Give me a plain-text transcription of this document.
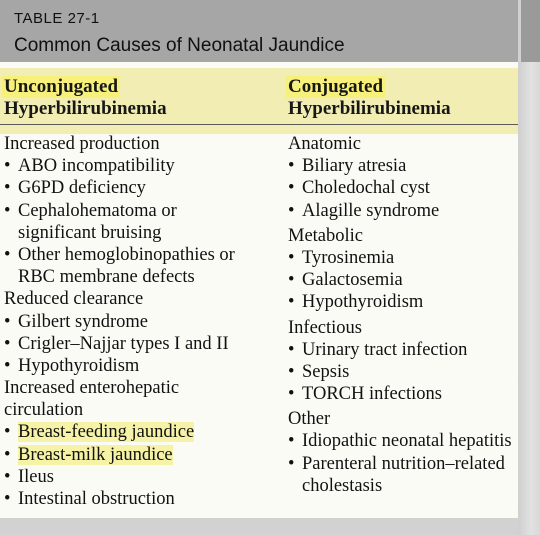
TABLE 27-1
Common Causes of Neonatal Jaundice
Unconjugated
Hyperbilirubinemia
Conjugated
Hyperbilirubinemia
Increased production
• ABO incompatibility
• G6PD deficiency
• Cephalohematoma or
significant bruising
• Other hemoglobinopathies or
RBC membrane defects
Reduced clearance
• Gilbert syndrome
• Crigler–Najjar types I and II
• Hypothyroidism
Increased enterohepatic
circulation
• Breast-feeding jaundice
• Breast-milk jaundice
• Ileus
• Intestinal obstruction
Anatomic
• Biliary atresia
• Choledochal cyst
• Alagille syndrome
Metabolic
• Tyrosinemia
• Galactosemia
• Hypothyroidism
Infectious
• Urinary tract infection
• Sepsis
• TORCH infections
Other
• Idiopathic neonatal hepatitis
• Parenteral nutrition–related
cholestasis
